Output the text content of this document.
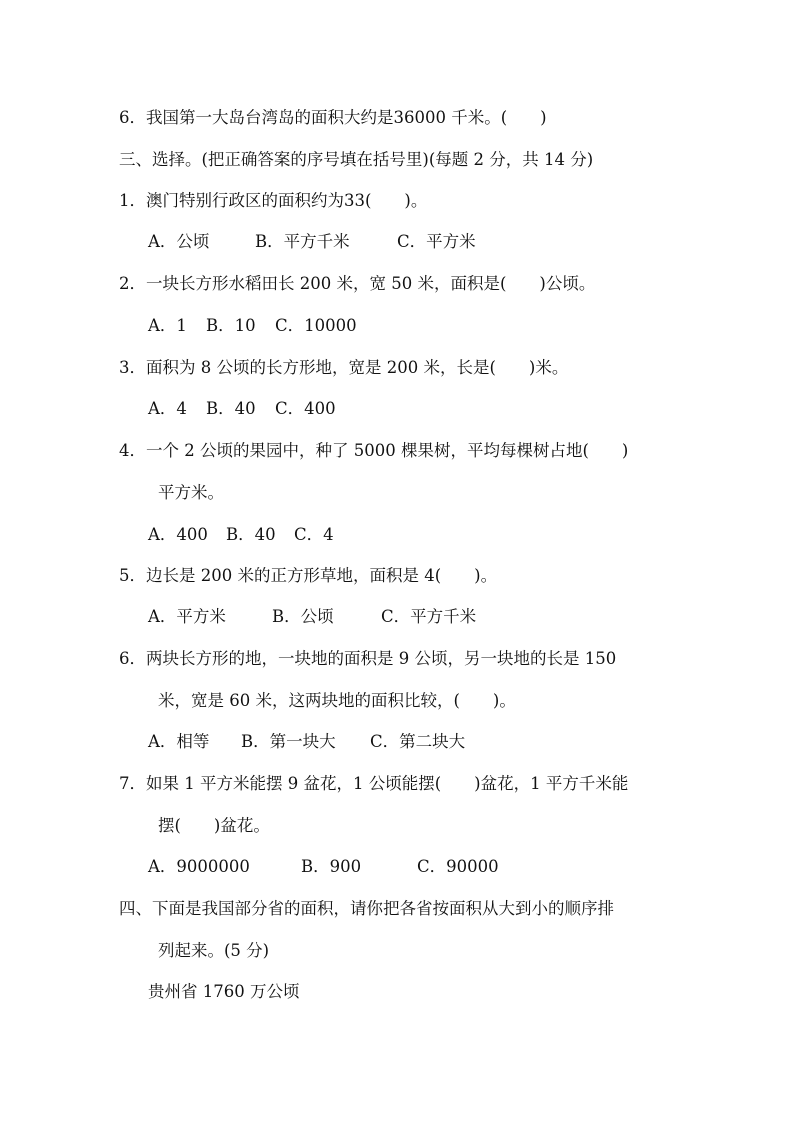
6．我国第一大岛台湾岛的面积大约是36000 千米。(　　)
三、选择。(把正确答案的序号填在括号里)(每题 2 分，共 14 分)
1．澳门特别行政区的面积约为33(　　)。
A．公顷	B．平方千米	C．平方米
2．一块长方形水稻田长 200 米，宽 50 米，面积是(　　)公顷。
A．1 B．10 C．10000
3．面积为 8 公顷的长方形地，宽是 200 米，长是(　　)米。
A．4 B．40 C．400
4．一个 2 公顷的果园中，种了 5000 棵果树，平均每棵树占地(　　)
平方米。
A．400 B．40 C．4
5．边长是 200 米的正方形草地，面积是 4(　　)。
A．平方米	B．公顷	C．平方千米
6．两块长方形的地，一块地的面积是 9 公顷，另一块地的长是 150
米，宽是 60 米，这两块地的面积比较，(　　)。
A．相等 B．第一块大 C．第二块大
7．如果 1 平方米能摆 9 盆花，1 公顷能摆(　　)盆花，1 平方千米能
摆(　　)盆花。
A．9000000	B．900	C．90000
四、下面是我国部分省的面积，请你把各省按面积从大到小的顺序排
列起来。(5 分)
贵州省 1760 万公顷
